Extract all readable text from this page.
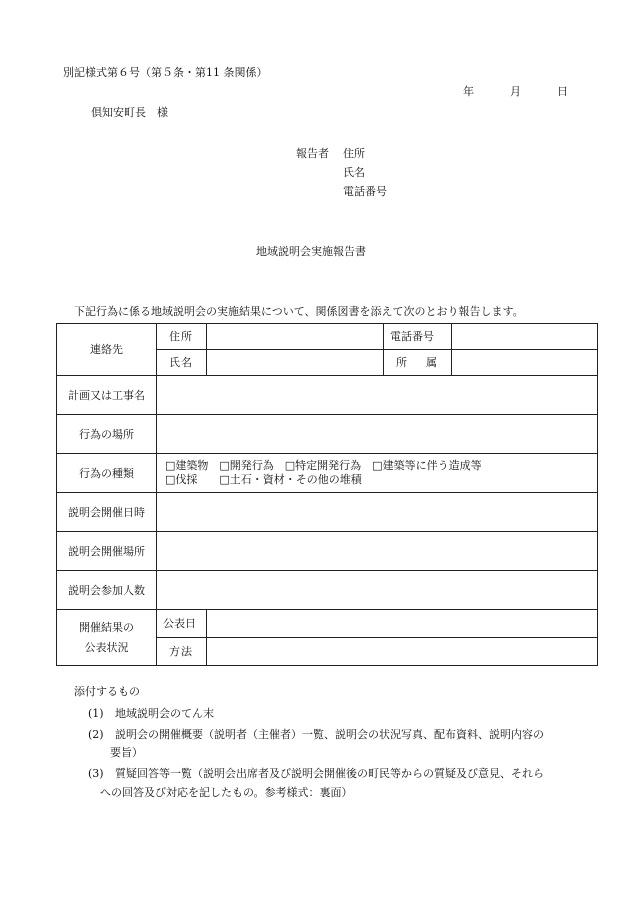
別記様式第６号（第５条・第11 条関係）
年	月	日
倶知安町長　様
報告者 住所
氏名
電話番号
地域説明会実施報告書
下記行為に係る地域説明会の実施結果について、関係図書を添えて次のとおり報告します。
連絡先	住 所		電話番号	

	氏 名		所 属	

計画又は工事名				
行為の場所				
行為の種類	□建築物　□開発行為　□特定開発行為　□建築等に伴う造成等
□伐採　　□土石・資材・その他の堆積			

説明会開催日時				
説明会開催場所				
説明会参加人数				
開催結果の
公表状況	公表日			

	方 法			

添付するもの
(1) 地域説明会のてん末
(2) 説明会の開催概要（説明者（主催者）一覧、説明会の状況写真、配布資料、説明内容の
要旨）
(3) 質疑回答等一覧（説明会出席者及び説明会開催後の町民等からの質疑及び意見、それら
への回答及び対応を記したもの。参考様式：裏面）
